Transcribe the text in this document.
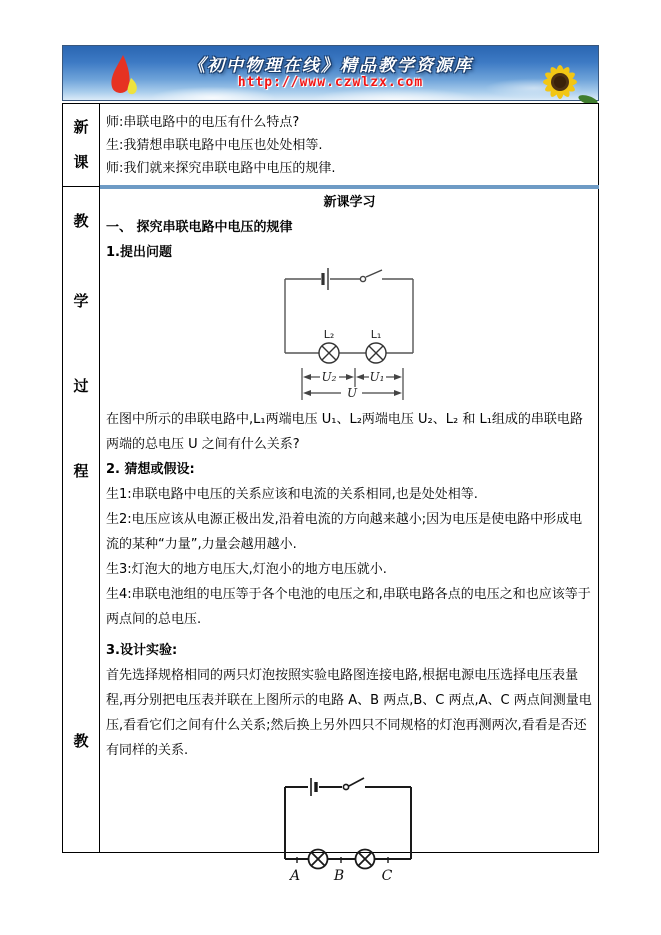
《初中物理在线》精品教学资源库
http://www.czwlzx.com
新
课
教
学
过
程
教

师:串联电路中的电压有什么特点?

生:我猜想串联电路中电压也处处相等.

师:我们就来探究串联电路中电压的规律.

新课学习

一、 探究串联电路中电压的规律

1.提出问题

L₂	L₁
U₂	U₁
U

在图中所示的串联电路中,L₁两端电压 U₁、L₂两端电压 U₂、L₂ 和 L₁组成的串联电路两端的总电压 U 之间有什么关系?

2. 猜想或假设:

生1:串联电路中电压的关系应该和电流的关系相同,也是处处相等.

生2:电压应该从电源正极出发,沿着电流的方向越来越小;因为电压是使电路中形成电流的某种“力量”,力量会越用越小.

生3:灯泡大的地方电压大,灯泡小的地方电压就小.

生4:串联电池组的电压等于各个电池的电压之和,串联电路各点的电压之和也应该等于两点间的总电压.

3.设计实验:

首先选择规格相同的两只灯泡按照实验电路图连接电路,根据电源电压选择电压表量程,再分别把电压表并联在上图所示的电路 A、B 两点,B、C 两点,A、C 两点间测量电压,看看它们之间有什么关系;然后换上另外四只不同规格的灯泡再测两次,看看是否还有同样的关系.

A B	C
